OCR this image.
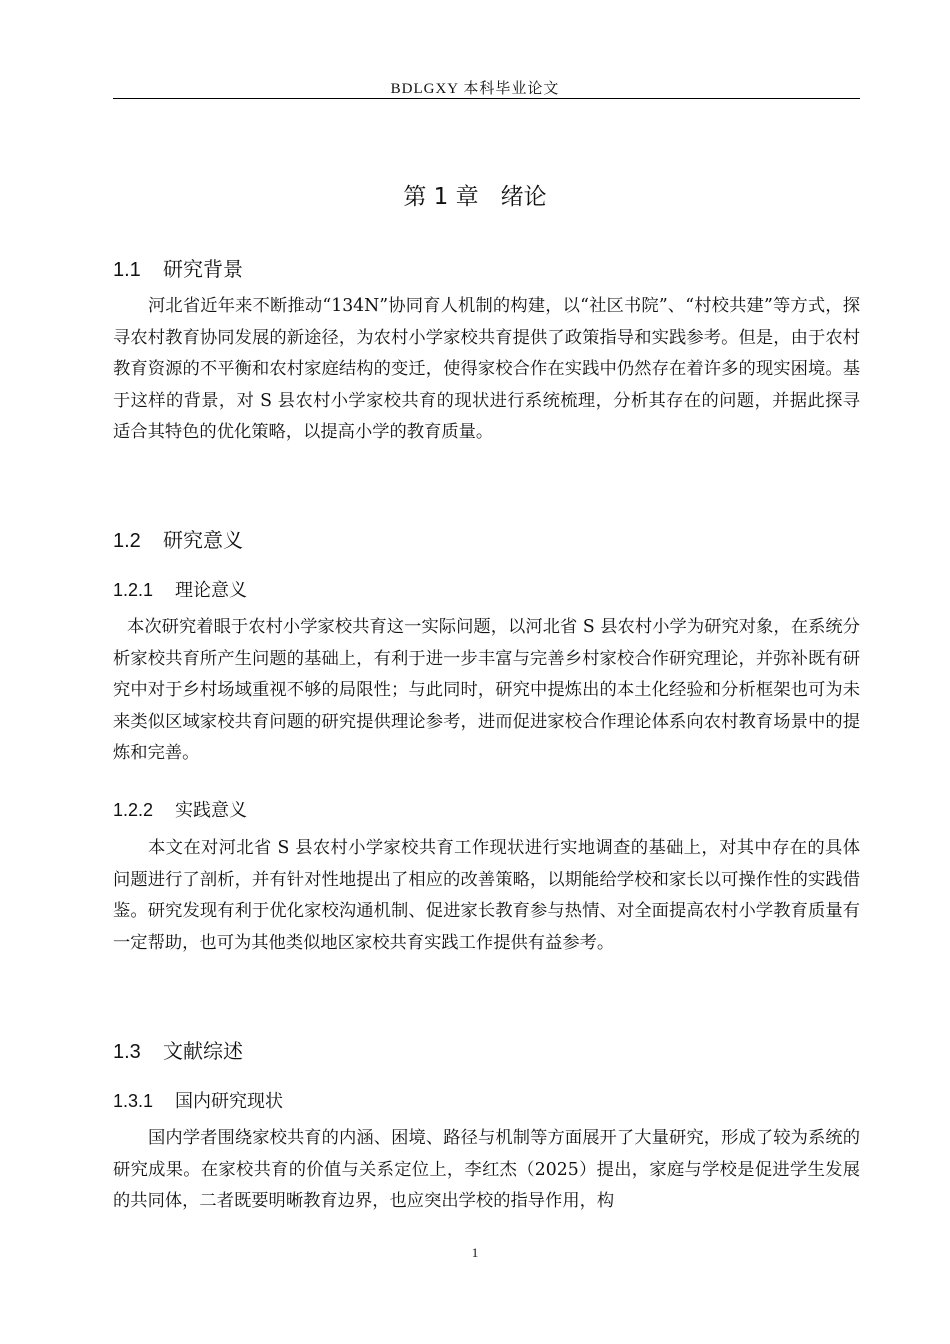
BDLGXY 本科毕业论文
第 1 章 绪论
1.1 研究背景

河北省近年来不断推动“134N”协同育人机制的构建，以“社区书院”、“村校共建”等方式，探寻农村教育协同发展的新途径，为农村小学家校共育提供了政策指导和实践参考。但是，由于农村教育资源的不平衡和农村家庭结构的变迁，使得家校合作在实践中仍然存在着许多的现实困境。基于这样的背景，对 S 县农村小学家校共育的现状进行系统梳理，分析其存在的问题，并据此探寻适合其特色的优化策略，以提高小学的教育质量。

1.2 研究意义
1.2.1 理论意义

本次研究着眼于农村小学家校共育这一实际问题，以河北省 S 县农村小学为研究对象，在系统分析家校共育所产生问题的基础上，有利于进一步丰富与完善乡村家校合作研究理论，并弥补既有研究中对于乡村场域重视不够的局限性；与此同时，研究中提炼出的本土化经验和分析框架也可为未来类似区域家校共育问题的研究提供理论参考，进而促进家校合作理论体系向农村教育场景中的提炼和完善。

1.2.2 实践意义

本文在对河北省 S 县农村小学家校共育工作现状进行实地调查的基础上，对其中存在的具体问题进行了剖析，并有针对性地提出了相应的改善策略，以期能给学校和家长以可操作性的实践借鉴。研究发现有利于优化家校沟通机制、促进家长教育参与热情、对全面提高农村小学教育质量有一定帮助，也可为其他类似地区家校共育实践工作提供有益参考。

1.3 文献综述
1.3.1 国内研究现状

国内学者围绕家校共育的内涵、困境、路径与机制等方面展开了大量研究，形成了较为系统的研究成果。在家校共育的价值与关系定位上，李红杰（2025）提出，家庭与学校是促进学生发展的共同体，二者既要明晰教育边界，也应突出学校的指导作用，构

1
